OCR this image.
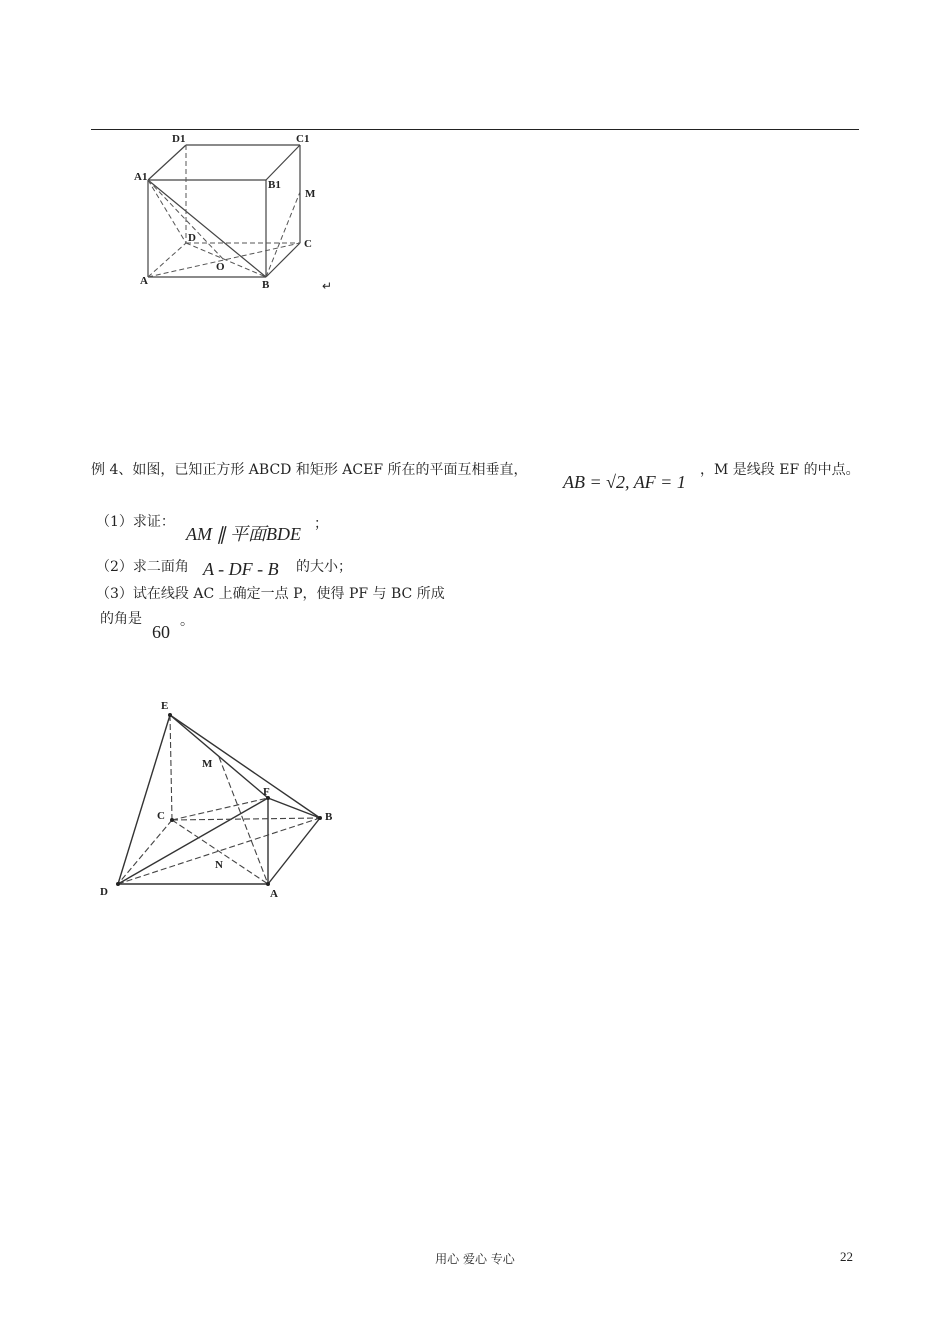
D1	C1
A1
B1
M
D	C
O
A	B	↵
例 4、如图，已知正方形 ABCD 和矩形 ACEF 所在的平面互相垂直，
AB = √2, AF = 1
，M 是线段 EF 的中点。
（1）求证：
AM ∥ 平面BDE ；
（2）求二面角 A - DF - B 的大小；
（3）试在线段 AC 上确定一点 P，使得 PF 与 BC 所成
的角是
60
。
E
M
F
C	B
N
D	A
用心 爱心 专心	22
